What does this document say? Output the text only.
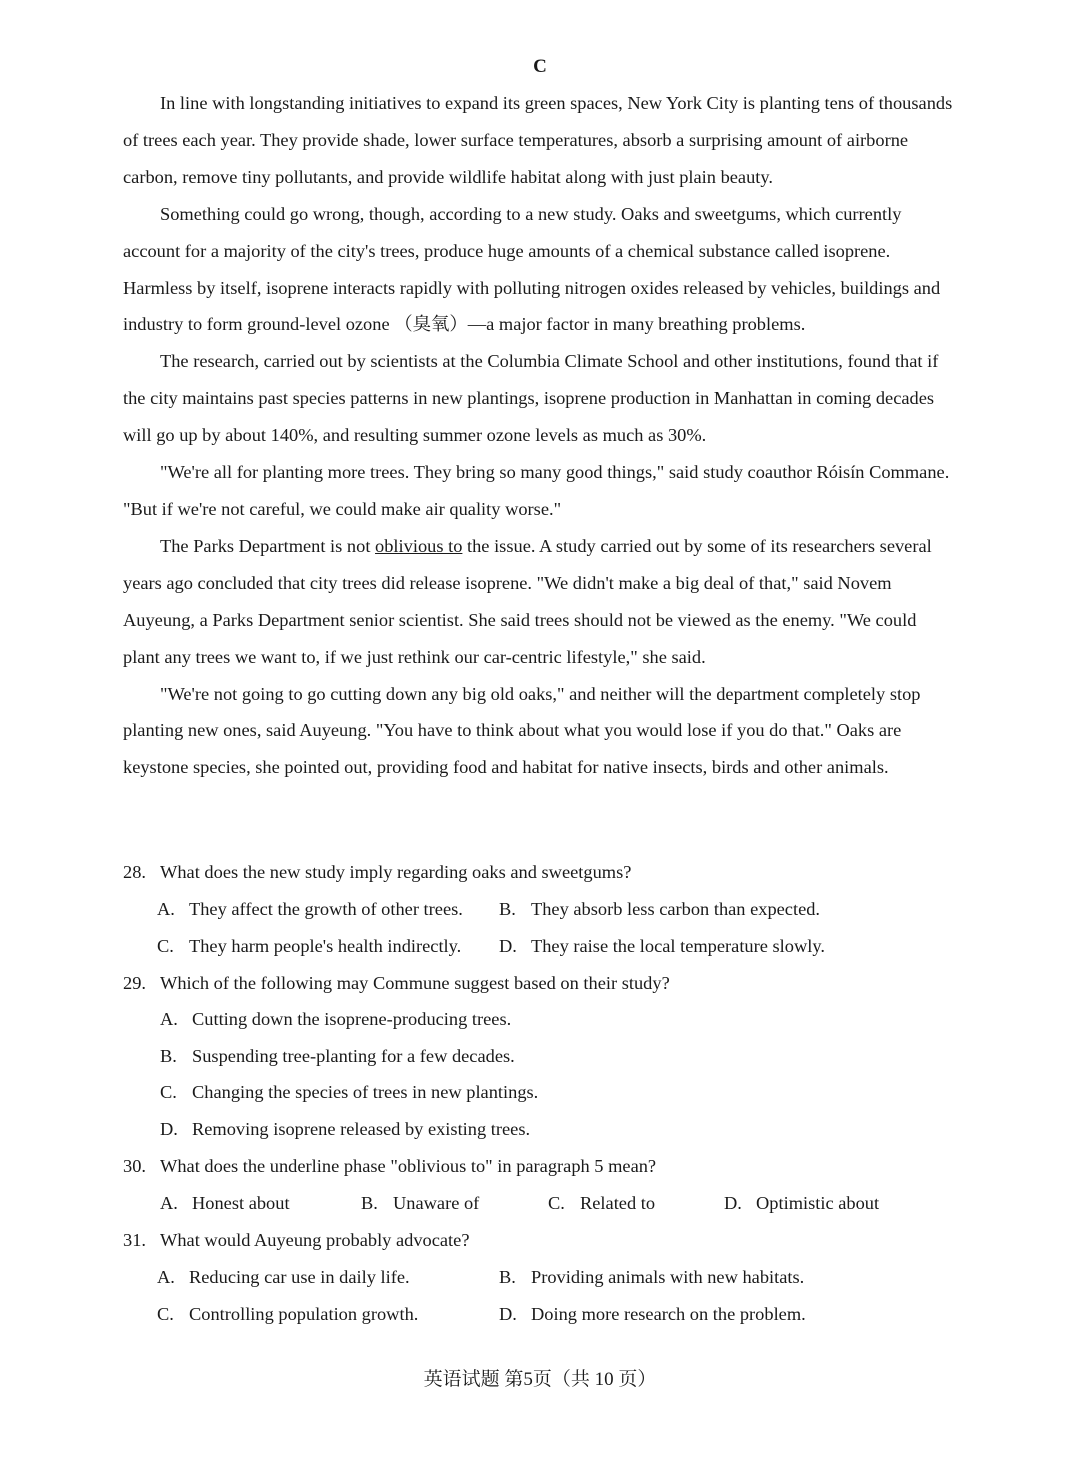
C

In line with longstanding initiatives to expand its green spaces, New York City is planting tens of thousands of trees each year. They provide shade, lower surface temperatures, absorb a surprising amount of airborne carbon, remove tiny pollutants, and provide wildlife habitat along with just plain beauty.

Something could go wrong, though, according to a new study. Oaks and sweetgums, which currently account for a majority of the city's trees, produce huge amounts of a chemical substance called isoprene. Harmless by itself, isoprene interacts rapidly with polluting nitrogen oxides released by vehicles, buildings and industry to form ground-level ozone （臭氧）—a major factor in many breathing problems.

The research, carried out by scientists at the Columbia Climate School and other institutions, found that if the city maintains past species patterns in new plantings, isoprene production in Manhattan in coming decades will go up by about 140%, and resulting summer ozone levels as much as 30%.

"We're all for planting more trees. They bring so many good things," said study coauthor Róisín Commane. "But if we're not careful, we could make air quality worse."

The Parks Department is not oblivious to the issue. A study carried out by some of its researchers several years ago concluded that city trees did release isoprene. "We didn't make a big deal of that," said Novem Auyeung, a Parks Department senior scientist. She said trees should not be viewed as the enemy. "We could plant any trees we want to, if we just rethink our car-centric lifestyle," she said.

"We're not going to go cutting down any big old oaks," and neither will the department completely stop planting new ones, said Auyeung. "You have to think about what you would lose if you do that." Oaks are keystone species, she pointed out, providing food and habitat for native insects, birds and other animals.

28. What does the new study imply regarding oaks and sweetgums?
A. They affect the growth of other trees. B. They absorb less carbon than expected.
C. They harm people's health indirectly. D. They raise the local temperature slowly.
29. Which of the following may Commune suggest based on their study?
A. Cutting down the isoprene-producing trees.
B. Suspending tree-planting for a few decades.
C. Changing the species of trees in new plantings.
D. Removing isoprene released by existing trees.
30. What does the underline phase "oblivious to" in paragraph 5 mean?
A. Honest about	B. Unaware of	C. Related to	D. Optimistic about
31. What would Auyeung probably advocate?
A. Reducing car use in daily life.	B. Providing animals with new habitats.
C. Controlling population growth.	D. Doing more research on the problem.
英语试题 第5页（共 10 页）
